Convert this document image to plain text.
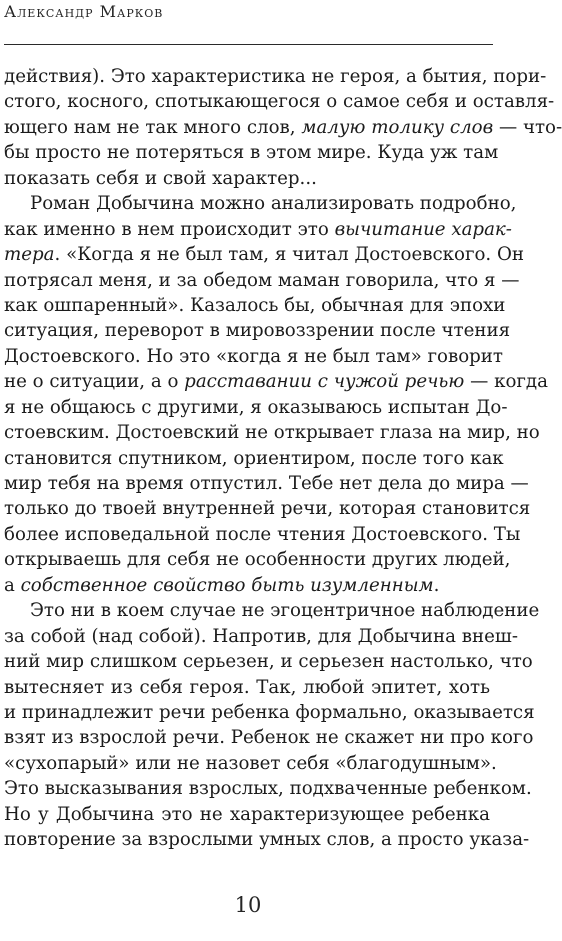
Александр Марков
действия). Это характеристика не героя, а бытия, пори-
стого, косного, спотыкающегося о самое себя и оставля-
ющего нам не так много слов, малую толику слов — что-
бы просто не потеряться в этом мире. Куда уж там
показать себя и свой характер...
Роман Добычина можно анализировать подробно,
как именно в нем происходит это вычитание харак-
тера. «Когда я не был там, я читал Достоевского. Он
потрясал меня, и за обедом маман говорила, что я —
как ошпаренный». Казалось бы, обычная для эпохи
ситуация, переворот в мировоззрении после чтения
Достоевского. Но это «когда я не был там» говорит
не о ситуации, а о расставании с чужой речью — когда
я не общаюсь с другими, я оказываюсь испытан До-
стоевским. Достоевский не открывает глаза на мир, но
становится спутником, ориентиром, после того как
мир тебя на время отпустил. Тебе нет дела до мира —
только до твоей внутренней речи, которая становится
более исповедальной после чтения Достоевского. Ты
открываешь для себя не особенности других людей,
а собственное свойство быть изумленным.
Это ни в коем случае не эгоцентричное наблюдение
за собой (над собой). Напротив, для Добычина внеш-
ний мир слишком серьезен, и серьезен настолько, что
вытесняет из себя героя. Так, любой эпитет, хоть
и принадлежит речи ребенка формально, оказывается
взят из взрослой речи. Ребенок не скажет ни про кого
«сухопарый» или не назовет себя «благодушным».
Это высказывания взрослых, подхваченные ребенком.
Но у Добычина это не характеризующее ребенка
повторение за взрослыми умных слов, а просто указа-
10
